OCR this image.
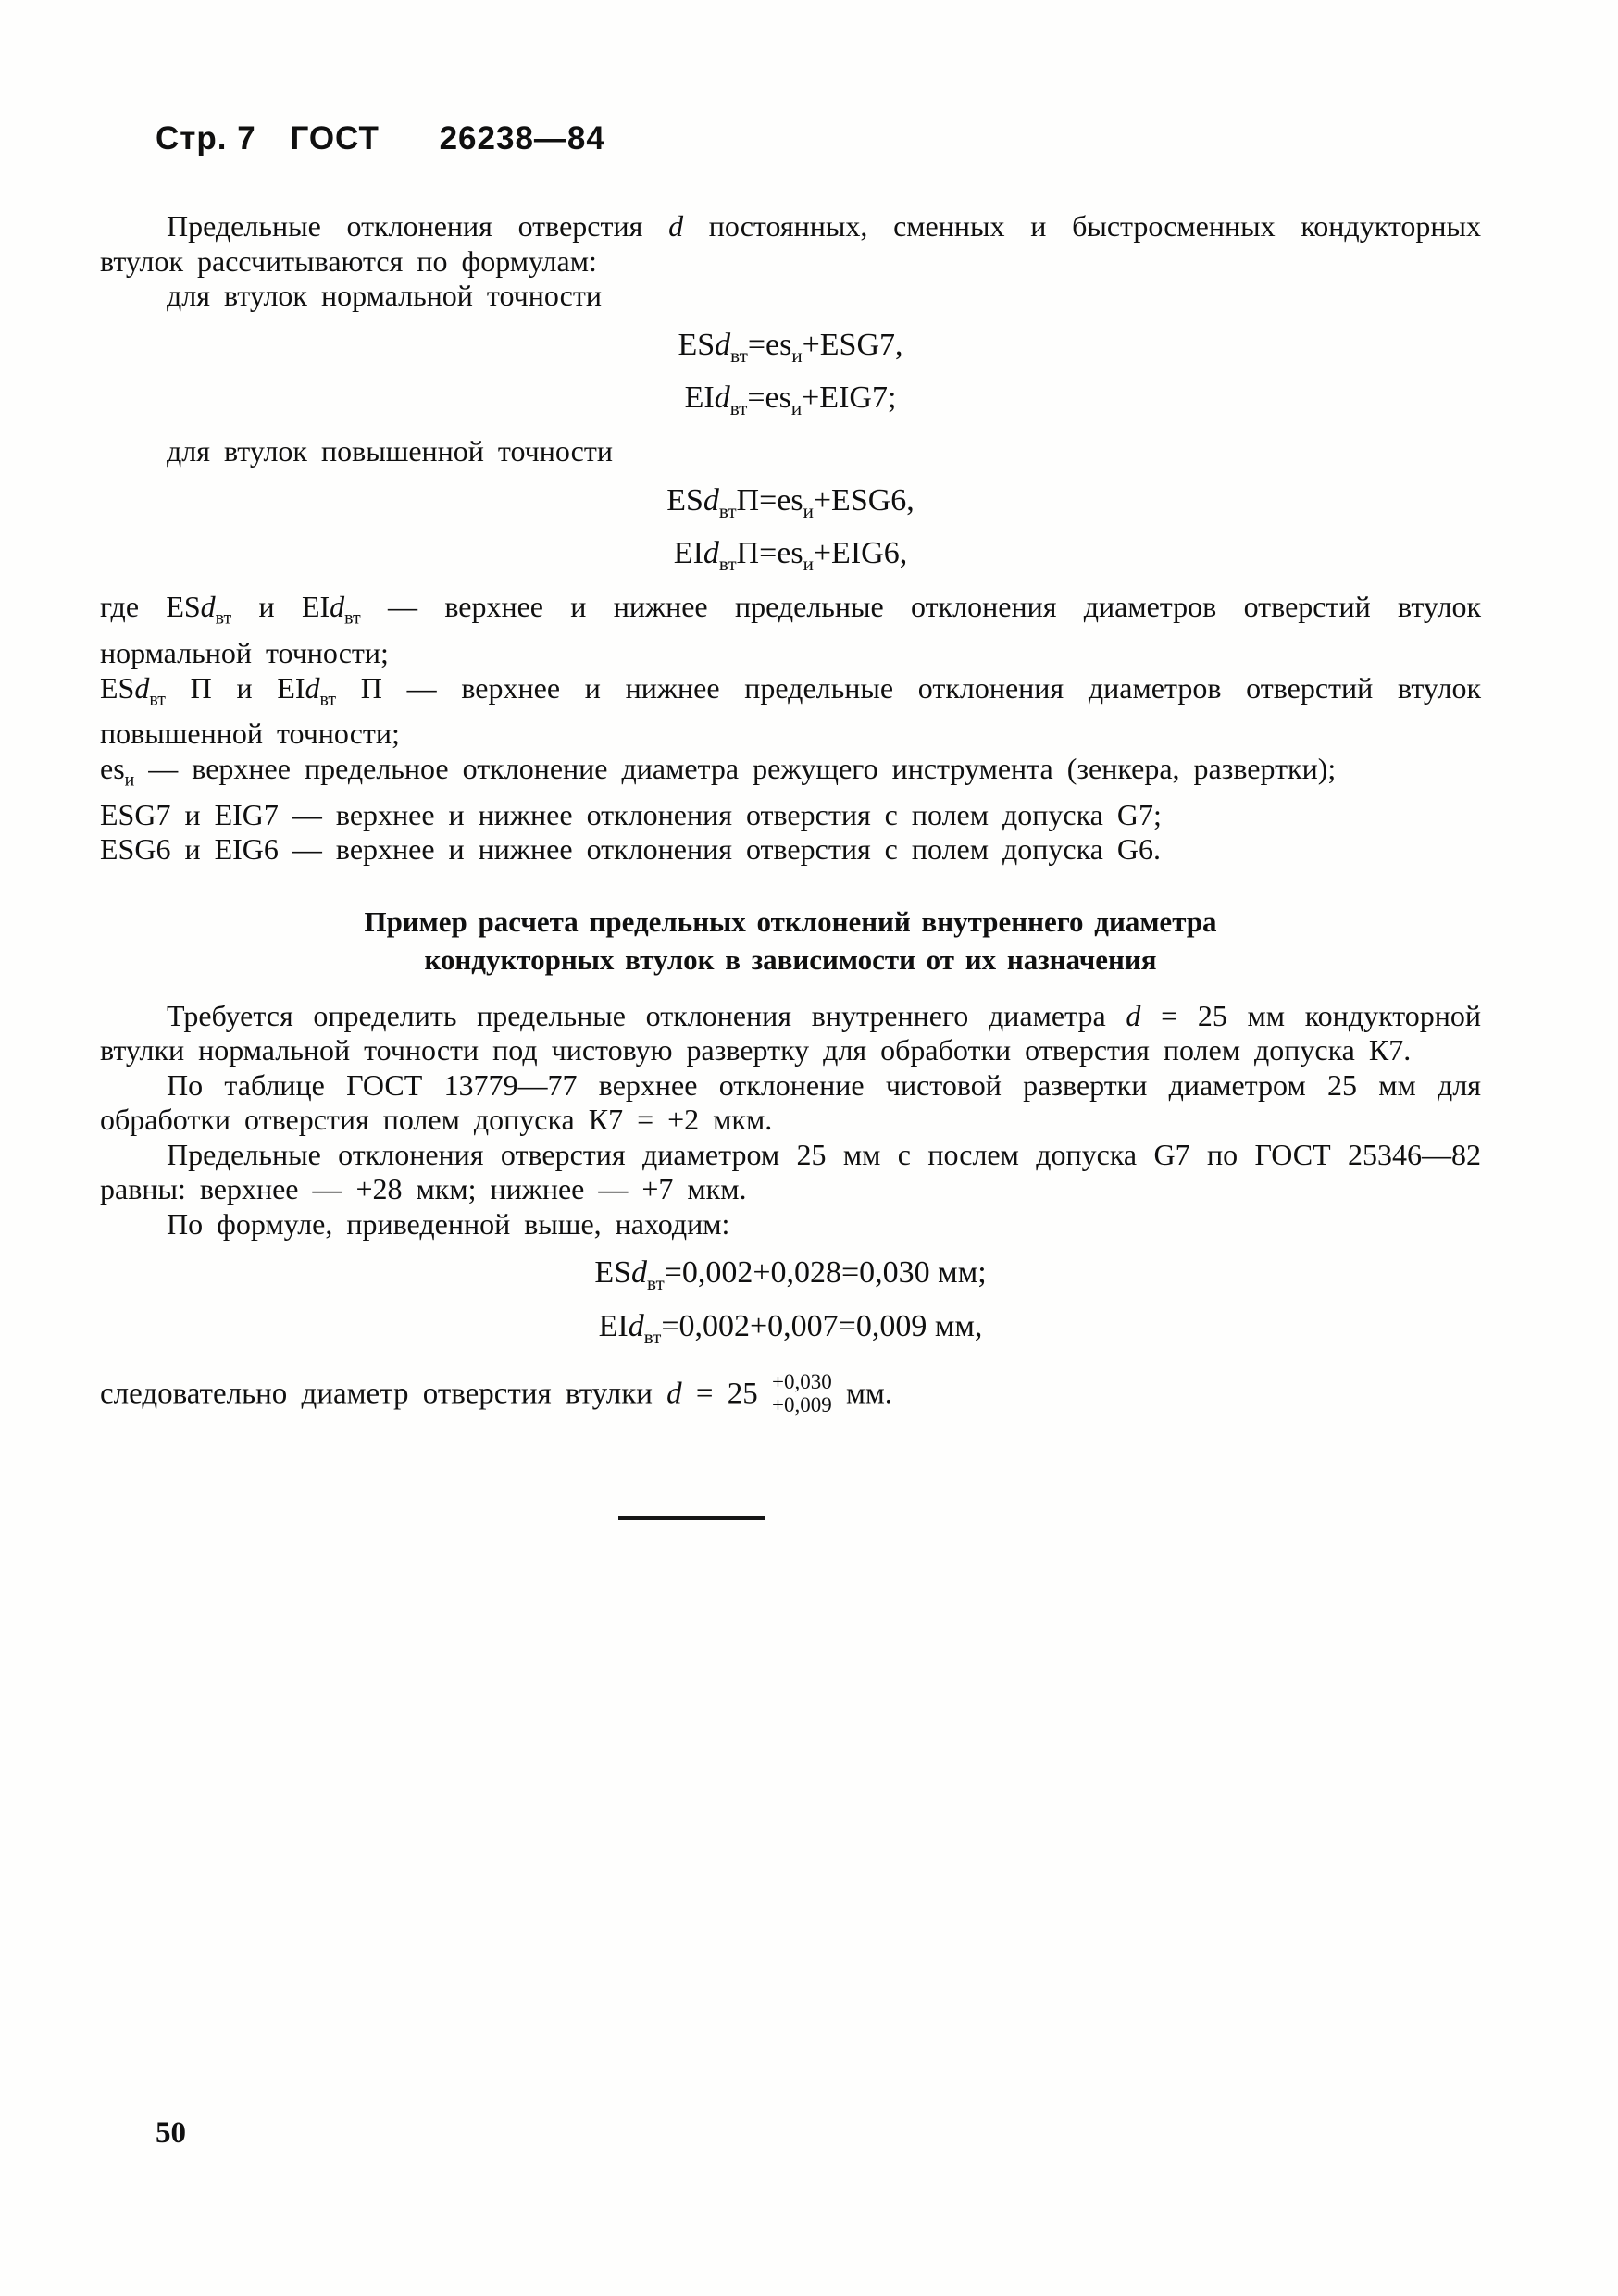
Стр. 7 ГОСТ 26238—84

Предельные отклонения отверстия d постоянных, сменных и быстросменных кондукторных втулок рассчитываются по формулам:

для втулок нормальной точности

$ESd_{вт}=es_и+ESG7$,
$EId_{вт}=es_и+EIG7$;

для втулок повышенной точности

$ESd_{вт}П=es_и+ESG6$,
$EId_{вт}П=es_и+EIG6$,

где ESd$_{вт}$ и EId$_{вт}$ — верхнее и нижнее предельные отклонения диаметров отверстий втулок нормальной точности;

ESd$_{вт}$ П и EId$_{вт}$ П — верхнее и нижнее предельные отклонения диаметров отверстий втулок повышенной точности;

$es_и$ — верхнее предельное отклонение диаметра режущего инструмента (зенкера, развертки);

ESG7 и EIG7 — верхнее и нижнее отклонения отверстия с полем допуска G7;

ESG6 и EIG6 — верхнее и нижнее отклонения отверстия с полем допуска G6.

Пример расчета предельных отклонений внутреннего диаметра
кондукторных втулок в зависимости от их назначения

Требуется определить предельные отклонения внутреннего диаметра d = 25 мм кондукторной втулки нормальной точности под чистовую развертку для обработки отверстия полем допуска К7.

По таблице ГОСТ 13779—77 верхнее отклонение чистовой развертки диаметром 25 мм для обработки отверстия полем допуска К7 = +2 мкм.

Предельные отклонения отверстия диаметром 25 мм с послем допуска G7 по ГОСТ 25346—82 равны: верхнее — +28 мкм; нижнее — +7 мкм.

По формуле, приведенной выше, находим:

ESd$_{вт}$=0,002+0,028=0,030 мм;
EId$_{вт}$=0,002+0,007=0,009 мм,

следовательно диаметр отверстия втулки d = 25 +0,030
+0,009 мм.

50
